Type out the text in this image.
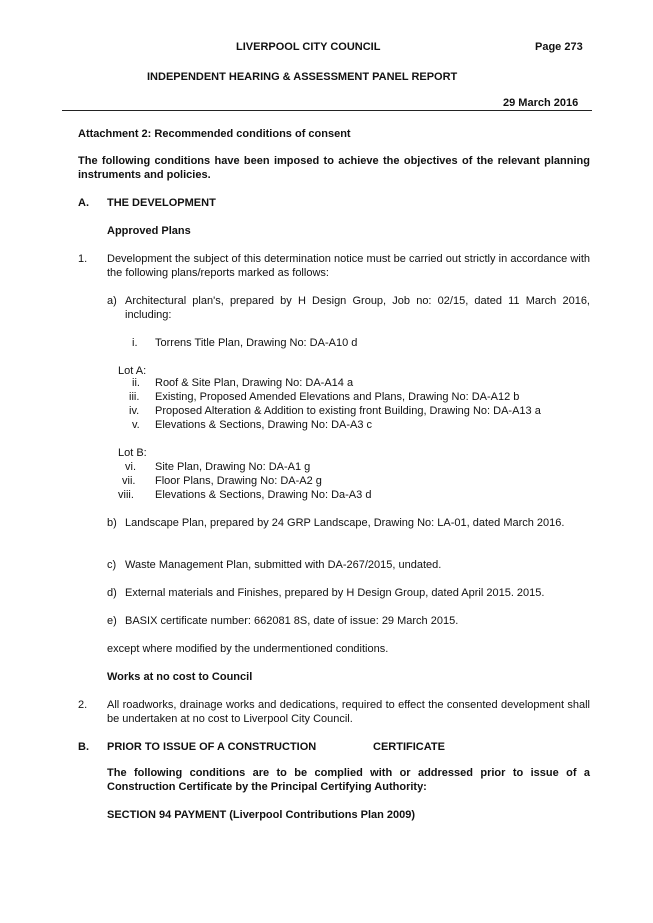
LIVERPOOL CITY COUNCIL	Page 273
INDEPENDENT HEARING & ASSESSMENT PANEL REPORT
29 March 2016
Attachment 2: Recommended conditions of consent
The following conditions have been imposed to achieve the objectives of the relevant planning instruments and policies.
A. THE DEVELOPMENT
Approved Plans
1. Development the subject of this determination notice must be carried out strictly in accordance with the following plans/reports marked as follows:
a) Architectural plan's, prepared by H Design Group, Job no: 02/15, dated 11 March 2016, including:
i. Torrens Title Plan, Drawing No: DA-A10 d
Lot A:
ii. Roof & Site Plan, Drawing No: DA-A14 a
iii. Existing, Proposed Amended Elevations and Plans, Drawing No: DA-A12 b
iv. Proposed Alteration & Addition to existing front Building, Drawing No: DA-A13 a
v. Elevations & Sections, Drawing No: DA-A3 c
Lot B:
vi. Site Plan, Drawing No: DA-A1 g
vii. Floor Plans, Drawing No: DA-A2 g
viii. Elevations & Sections, Drawing No: Da-A3 d
b) Landscape Plan, prepared by 24 GRP Landscape, Drawing No: LA-01, dated March 2016.
c) Waste Management Plan, submitted with DA-267/2015, undated.
d) External materials and Finishes, prepared by H Design Group, dated April 2015. 2015.
e) BASIX certificate number: 662081 8S, date of issue: 29 March 2015.
except where modified by the undermentioned conditions.
Works at no cost to Council
2. All roadworks, drainage works and dedications, required to effect the consented development shall be undertaken at no cost to Liverpool City Council.
B. PRIOR TO ISSUE OF A CONSTRUCTION	CERTIFICATE
The following conditions are to be complied with or addressed prior to issue of a Construction Certificate by the Principal Certifying Authority:
SECTION 94 PAYMENT (Liverpool Contributions Plan 2009)
